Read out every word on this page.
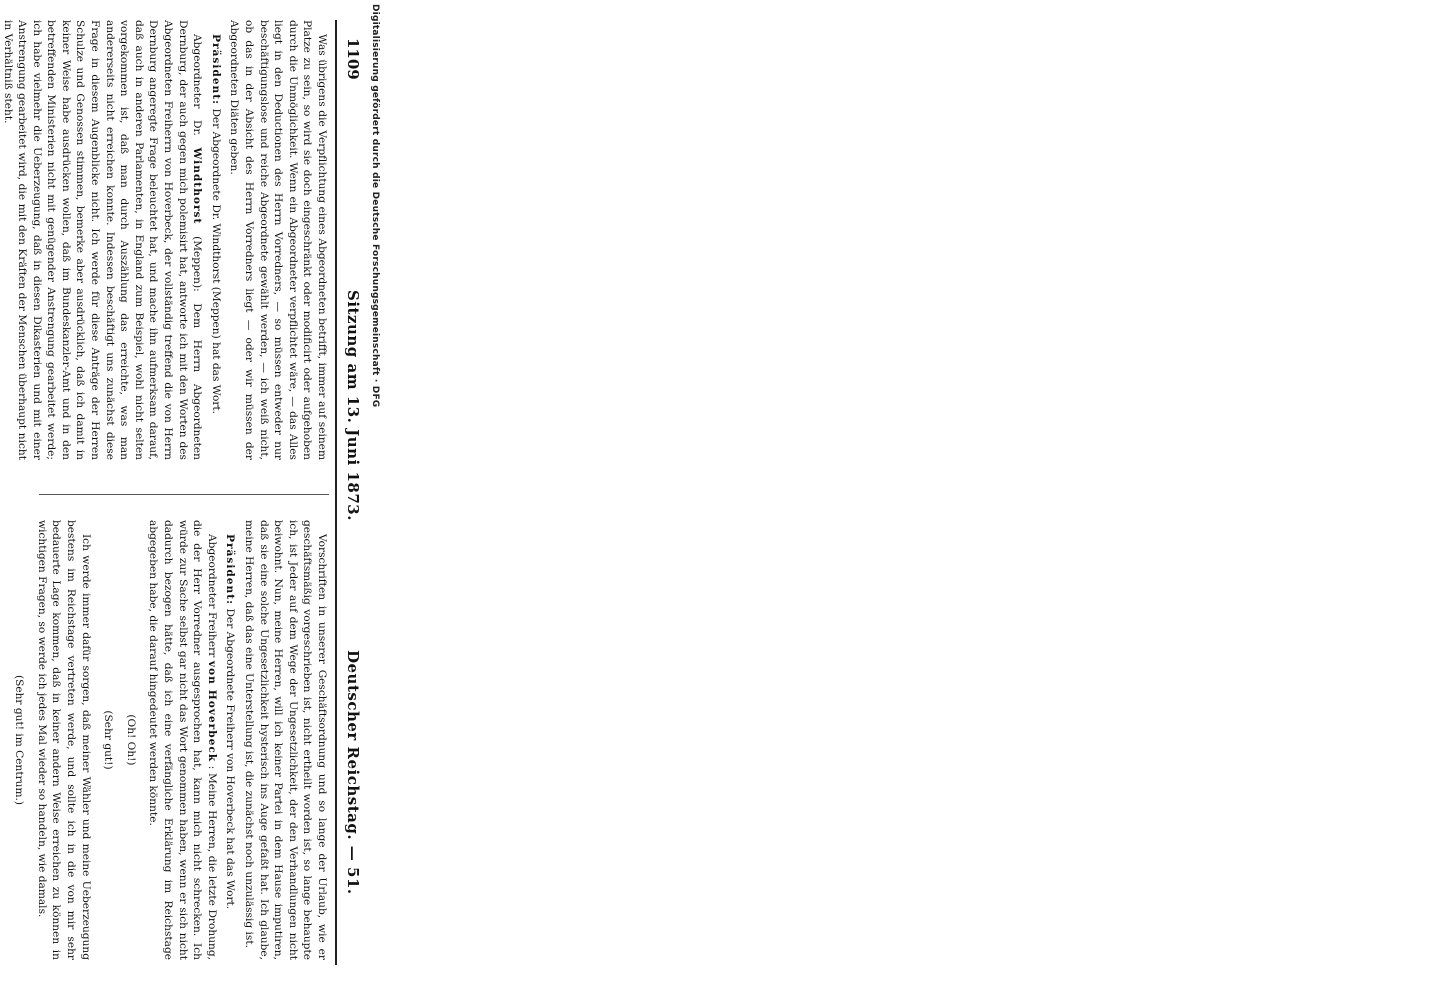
Digitalisierung gefördert durch die Deutsche Forschungsgemeinschaft · DFG
1109
Sitzung am 13. Juni 1873.
Deutscher Reichstag. — 51.

Was übrigens die Verpflichtung eines Abgeordneten betrifft, immer auf seinem Platze zu sein, so wird sie doch eingeschränkt oder modificirt oder aufgehoben durch die Unmöglichkeit. Wenn ein Abgeordneter verpflichtet wäre, — das Alles liegt in den Deductionen des Herrn Vorredners, — so müssen entweder nur beschäftigungslose und reiche Abgeordnete gewählt werden, — ich weiß nicht, ob das in der Absicht des Herrn Vorredners liegt — oder wir müssen der Abgeordneten Diäten geben.

Präsident: Der Abgeordnete Dr. Windthorst (Meppen) hat das Wort.

Abgeordneter Dr. Windthorst (Meppen): Dem Herrn Abgeordneten Dernburg, der auch gegen mich polemisirt hat, antworte ich mit den Worten des Abgeordneten Freiherrn von Hoverbeck, der vollständig treffend die von Herrn Dernburg angeregte Frage beleuchtet hat, und mache ihn aufmerksam darauf, daß auch in anderen Parlamenten, in England zum Beispiel, wohl nicht selten vorgekommen ist, daß man durch Auszählung das erreichte, was man andererseits nicht erreichen konnte. Indessen beschäftigt uns zunächst diese Frage in diesem Augenblicke nicht. Ich werde für diese Anträge der Herren Schulze und Genossen stimmen, bemerke aber ausdrücklich, daß ich damit in keiner Weise habe ausdrücken wollen, daß im Bundeskanzler-Amt und in den betreffenden Ministerien nicht mit genügender Anstrengung gearbeitet werde; ich habe vielmehr die Ueberzeugung, daß in diesen Dikasterien und mit einer Anstrengung gearbeitet wird, die mit den Kräften der Menschen überhaupt nicht in Verhältniß steht.

Vorschriften in unserer Geschäftsordnung und so lange der Urlaub, wie er geschäftsmäßig vorgeschrieben ist, nicht ertheilt worden ist, so lange behaupte ich, ist Jeder auf dem Wege der Ungesetzlichkeit, der den Verhandlungen nicht beiwohnt. Nun, meine Herren, will ich keiner Partei in dem Hause imputiren, daß sie eine solche Ungesetzlichkeit hysterisch ins Auge gefaßt hat. Ich glaube, meine Herren, daß das eine Unterstellung ist, die zunächst noch unzulässig ist.

Präsident: Der Abgeordnete Freiherr von Hoverbeck hat das Wort.

Abgeordneter Freiherr von Hoverbeck : Meine Herren, die letzte Drohung, die der Herr Vorredner ausgesprochen hat, kann mich nicht schrecken. Ich würde zur Sache selbst gar nicht das Wort genommen haben, wenn er sich nicht dadurch bezogen hätte, daß ich eine verfängliche Erklärung im Reichstage abgegeben habe, die darauf hingedeutet werden könnte.

(Oh! Oh!)

(Sehr gut!)

Ich werde immer dafür sorgen, daß meiner Wähler und meine Ueberzeugung bestens im Reichstage vertreten werde, und sollte ich in die von mir sehr bedauerte Lage kommen, daß in keiner andern Weise erreichen zu können in wichtigen Fragen, so werde ich jedes Mal wieder so handeln, wie damals.

(Sehr gut! im Centrum.)
